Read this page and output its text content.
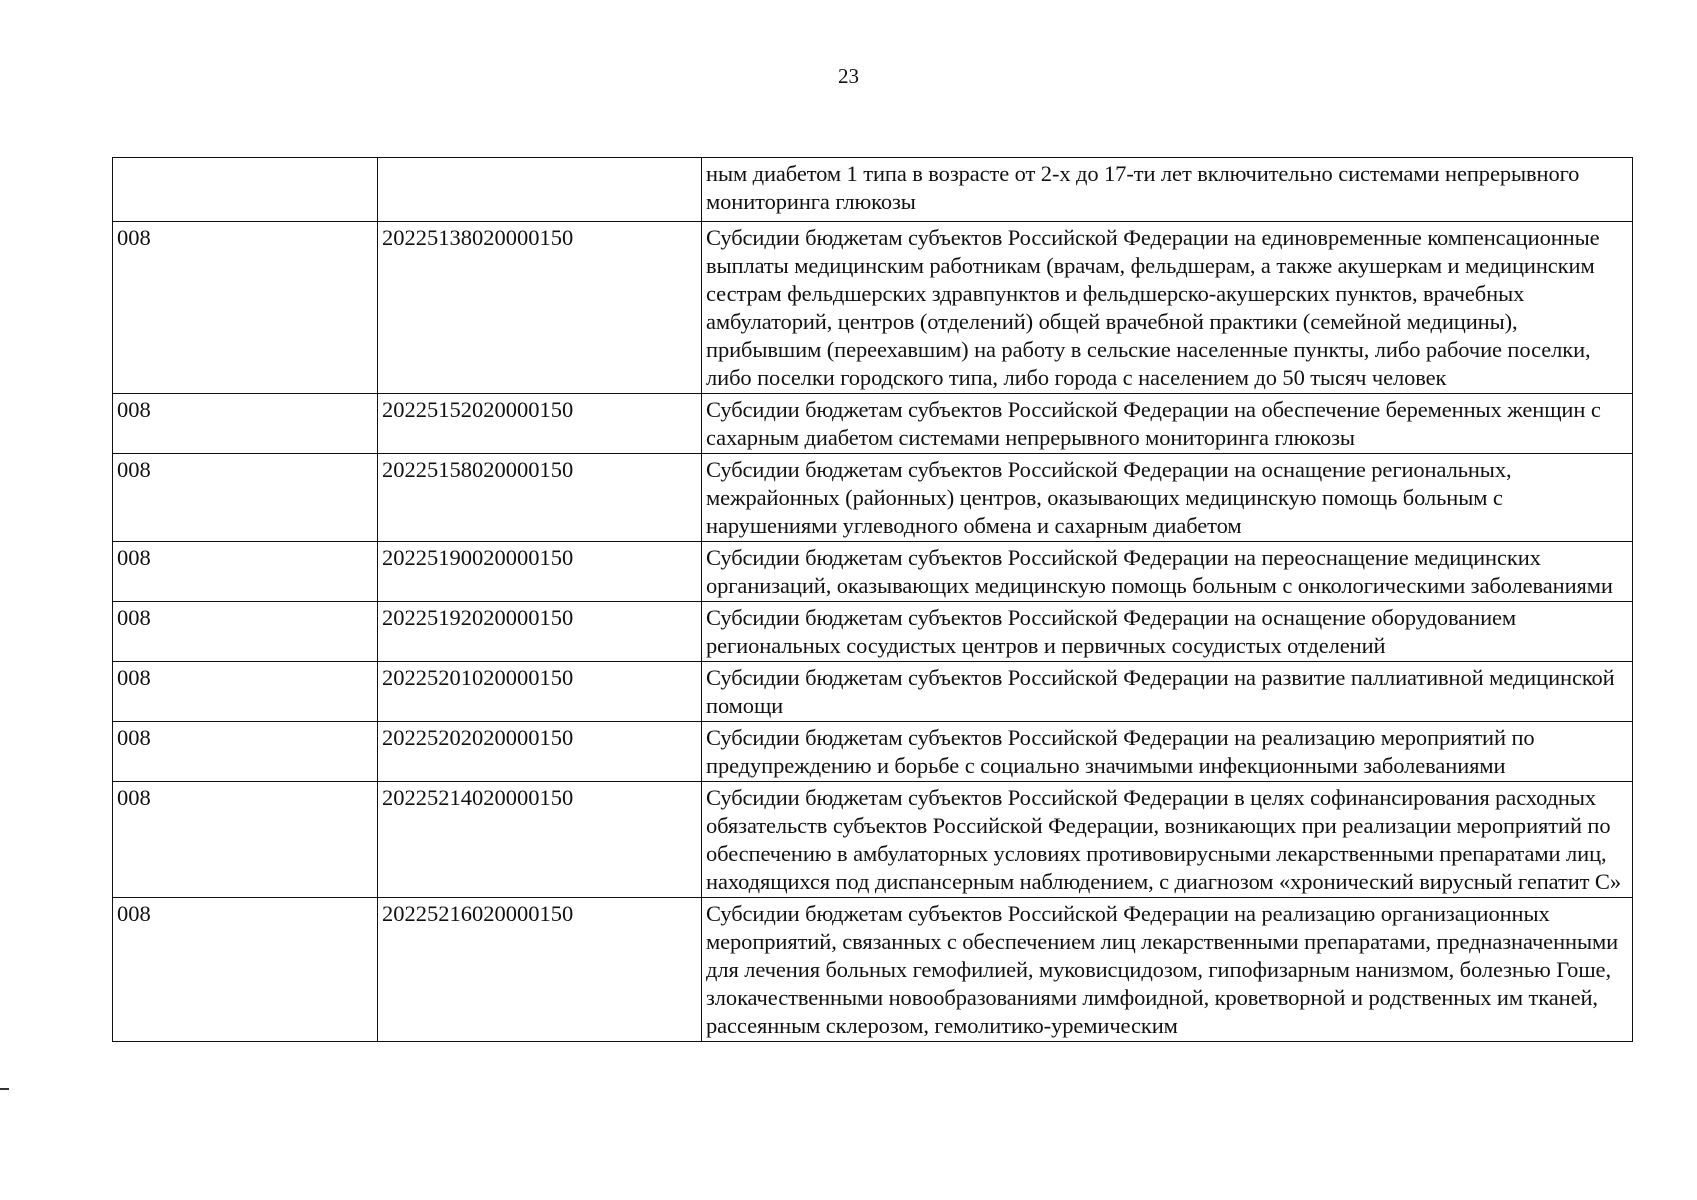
23
		ным диабетом 1 типа в возрасте от 2-х до 17-ти лет включительно системами непрерывного мониторинга глюкозы
008	20225138020000150	Субсидии бюджетам субъектов Российской Федерации на единовременные компенсационные выплаты медицинским работникам (врачам, фельдшерам, а также акушеркам и медицинским сестрам фельдшерских здравпунктов и фельдшерско-акушерских пунктов, врачебных амбулаторий, центров (отделений) общей врачебной практики (семейной медицины), прибывшим (переехавшим) на работу в сельские населенные пункты, либо рабочие поселки, либо поселки городского типа, либо города с населением до 50 тысяч человек
008	20225152020000150	Субсидии бюджетам субъектов Российской Федерации на обеспечение беременных женщин с сахарным диабетом системами непрерывного мониторинга глюкозы
008	20225158020000150	Субсидии бюджетам субъектов Российской Федерации на оснащение региональных, межрайонных (районных) центров, оказывающих медицинскую помощь больным с нарушениями углеводного обмена и сахарным диабетом
008	20225190020000150	Субсидии бюджетам субъектов Российской Федерации на переоснащение медицинских организаций, оказывающих медицинскую помощь больным с онкологическими заболеваниями
008	20225192020000150	Субсидии бюджетам субъектов Российской Федерации на оснащение оборудованием региональных сосудистых центров и первичных сосудистых отделений
008	20225201020000150	Субсидии бюджетам субъектов Российской Федерации на развитие паллиативной медицинской помощи
008	20225202020000150	Субсидии бюджетам субъектов Российской Федерации на реализацию мероприятий по предупреждению и борьбе с социально значимыми инфекционными заболеваниями
008	20225214020000150	Субсидии бюджетам субъектов Российской Федерации в целях софинансирования расходных обязательств субъектов Российской Федерации, возникающих при реализации мероприятий по обеспечению в амбулаторных условиях противовирусными лекарственными препаратами лиц, находящихся под диспансерным наблюдением, с диагнозом «хронический вирусный гепатит С»
008	20225216020000150	Субсидии бюджетам субъектов Российской Федерации на реализацию организационных мероприятий, связанных с обеспечением лиц лекарственными препаратами, предназначенными для лечения больных гемофилией, муковисцидозом, гипофизарным нанизмом, болезнью Гоше, злокачественными новообразованиями лимфоидной, кроветворной и родственных им тканей, рассеянным склерозом, гемолитико-уремическим
